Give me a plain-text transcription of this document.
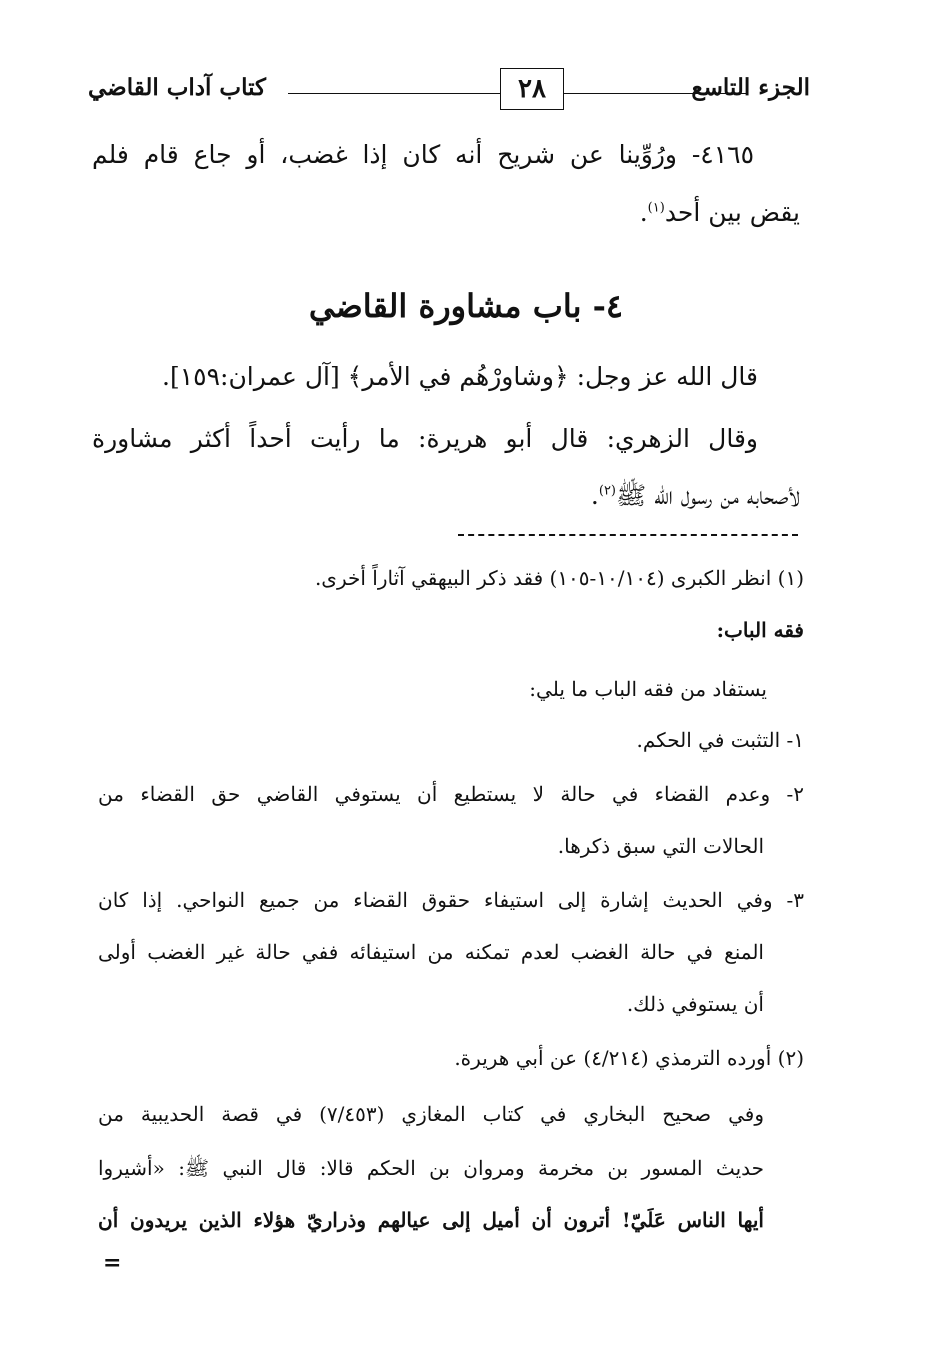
كتاب آداب القاضي	٢٨	الجزء التاسع

٤١٦٥- ورُوِّينا عن شريح أنه كان إذا غضب، أو جاع قام فلم

يقض بين أحد$^{(١)}$.

٤- باب مشاورة القاضي

قال الله عز وجل: ﴿وشاورْهُم في الأمر﴾ [آل عمران:١٥٩].

وقال الزهري: قال أبو هريرة: ما رأيت أحداً أكثر مشاورة

لأصحابه من رسول الله ﷺ$^{(٢)}$.

(١) انظر الكبرى (١٠/١٠٤-١٠٥) فقد ذكر البيهقي آثاراً أخرى.

فقه الباب:

يستفاد من فقه الباب ما يلي:

١- التثبت في الحكم.

٢- وعدم القضاء في حالة لا يستطيع أن يستوفي القاضي حق القضاء من

الحالات التي سبق ذكرها.

٣- وفي الحديث إشارة إلى استيفاء حقوق القضاء من جميع النواحي. إذا كان

المنع في حالة الغضب لعدم تمكنه من استيفائه ففي حالة غير الغضب أولى

أن يستوفي ذلك.

(٢) أورده الترمذي (٤/٢١٤) عن أبي هريرة.

وفي صحيح البخاري في كتاب المغازي (٧/٤٥٣) في قصة الحديبية من

حديث المسور بن مخرمة ومروان بن الحكم قالا: قال النبي ﷺ: «أشيروا

أيها الناس عَلَيّ! أترون أن أميل إلى عيالهم وذراريّ هؤلاء الذين يريدون أن

=
